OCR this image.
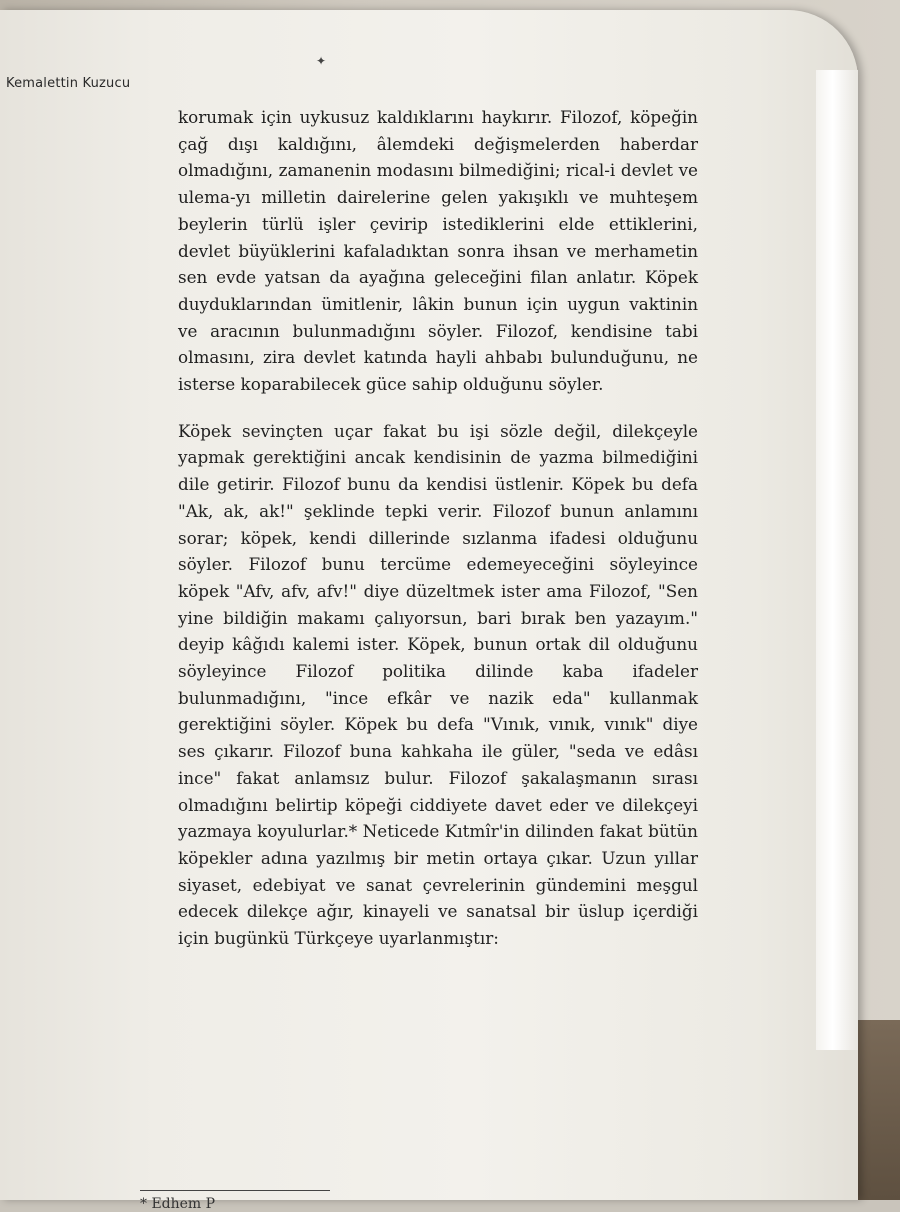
Kemalettin Kuzucu
✦

korumak için uykusuz kaldıklarını haykırır. Filozof, köpeğin çağ dışı kaldığını, âlemdeki değişmelerden haberdar olmadığını, zamanenin modasını bilmediğini; rical-i devlet ve ulema-yı milletin dairelerine gelen yakışıklı ve muhteşem beylerin türlü işler çevirip istediklerini elde ettiklerini, devlet büyüklerini kafaladıktan sonra ihsan ve merhametin sen evde yatsan da ayağına geleceğini filan anlatır. Köpek duyduklarından ümitlenir, lâkin bunun için uygun vaktinin ve aracının bulunmadığını söyler. Filozof, kendisine tabi olmasını, zira devlet katında hayli ahbabı bulunduğunu, ne isterse koparabilecek güce sahip olduğunu söyler.

Köpek sevinçten uçar fakat bu işi sözle değil, dilekçeyle yapmak gerektiğini ancak kendisinin de yazma bilmediğini dile getirir. Filozof bunu da kendisi üstlenir. Köpek bu defa "Ak, ak, ak!" şeklinde tepki verir. Filozof bunun anlamını sorar; köpek, kendi dillerinde sızlanma ifadesi olduğunu söyler. Filozof bunu tercüme edemeyeceğini söyleyince köpek "Afv, afv, afv!" diye düzeltmek ister ama Filozof, "Sen yine bildiğin makamı çalıyorsun, bari bırak ben yazayım." deyip kâğıdı kalemi ister. Köpek, bunun ortak dil olduğunu söyleyince Filozof politika dilinde kaba ifadeler bulunmadığını, "ince efkâr ve nazik eda" kullanmak gerektiğini söyler. Köpek bu defa "Vınık, vınık, vınık" diye ses çıkarır. Filozof buna kahkaha ile güler, "seda ve edâsı ince" fakat anlamsız bulur. Filozof şakalaşmanın sırası olmadığını belirtip köpeği ciddiyete davet eder ve dilekçeyi yazmaya koyulurlar.* Neticede Kıtmîr'in dilinden fakat bütün köpekler adına yazılmış bir metin ortaya çıkar. Uzun yıllar siyaset, edebiyat ve sanat çevrelerinin gündemini meşgul edecek dilekçe ağır, kinayeli ve sanatsal bir üslup içerdiği için bugünkü Türkçeye uyarlanmıştır:

* Edhem P
